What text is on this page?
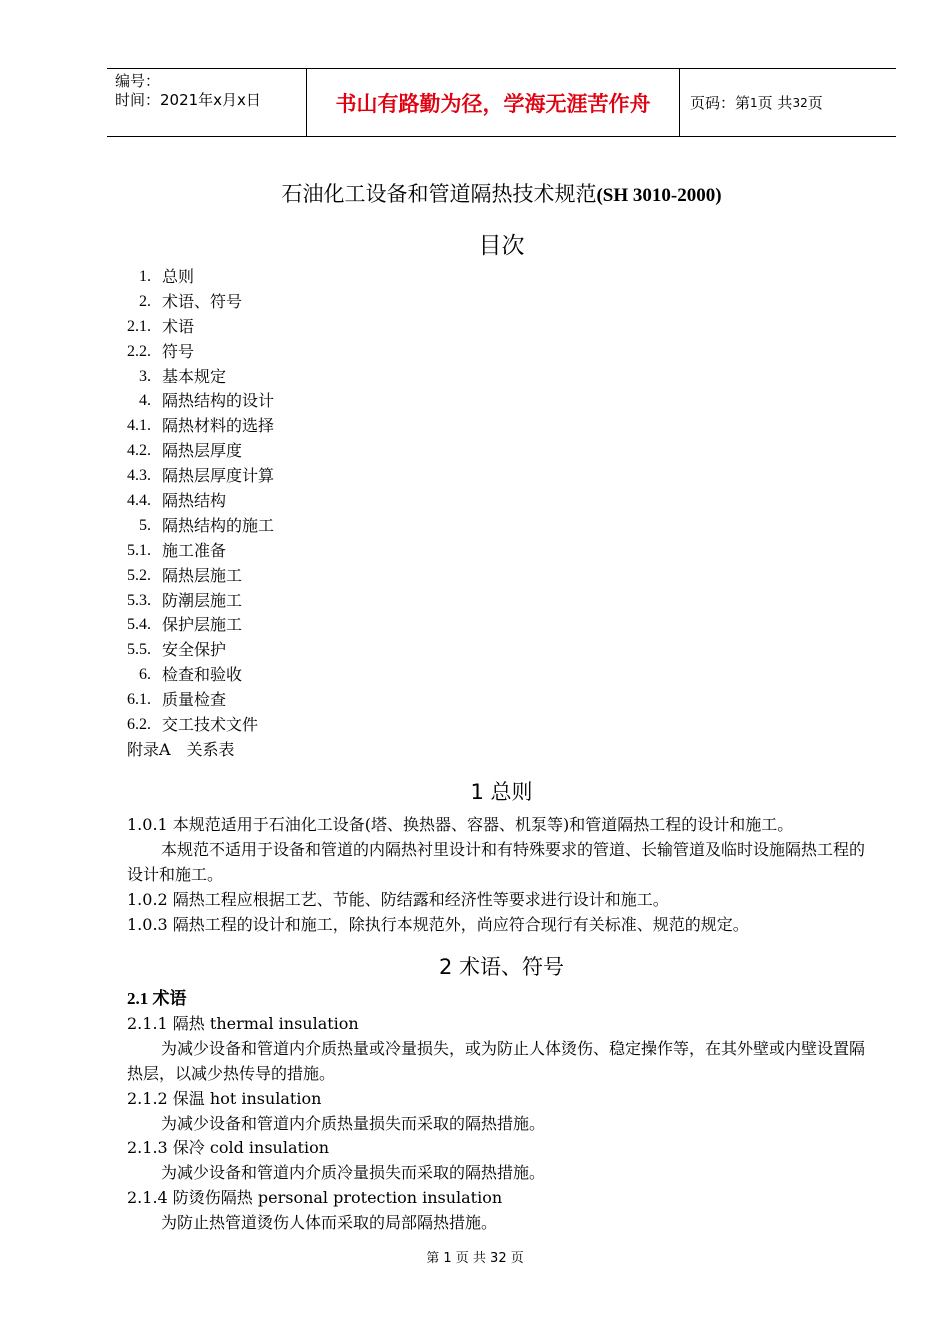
编号：
时间：2021年x月x日	书山有路勤为径，学海无涯苦作舟	页码：第 1 页 共 32 页
石油化工设备和管道隔热技术规范(SH 3010-2000)
目次
1. 总则
2. 术语、符号
2.1. 术语
2.2. 符号
3. 基本规定
4. 隔热结构的设计
4.1. 隔热材料的选择
4.2. 隔热层厚度
4.3. 隔热层厚度计算
4.4. 隔热结构
5. 隔热结构的施工
5.1. 施工准备
5.2. 隔热层施工
5.3. 防潮层施工
5.4. 保护层施工
5.5. 安全保护
6. 检查和验收
6.1. 质量检查
6.2. 交工技术文件
附录A　关系表
1 总则

1.0.1 本规范适用于石油化工设备(塔、换热器、容器、机泵等)和管道隔热工程的设计和施工。

本规范不适用于设备和管道的内隔热衬里设计和有特殊要求的管道、长输管道及临时设施隔热工程的设计和施工。

1.0.2 隔热工程应根据工艺、节能、防结露和经济性等要求进行设计和施工。

1.0.3 隔热工程的设计和施工，除执行本规范外，尚应符合现行有关标准、规范的规定。

2 术语、符号

2.1 术语

2.1.1 隔热 thermal insulation

为减少设备和管道内介质热量或冷量损失，或为防止人体烫伤、稳定操作等，在其外壁或内壁设置隔热层，以减少热传导的措施。

2.1.2 保温 hot insulation

为减少设备和管道内介质热量损失而采取的隔热措施。

2.1.3 保冷 cold insulation

为减少设备和管道内介质冷量损失而采取的隔热措施。

2.1.4 防烫伤隔热 personal protection insulation

为防止热管道烫伤人体而采取的局部隔热措施。

第 1 页 共 32 页
